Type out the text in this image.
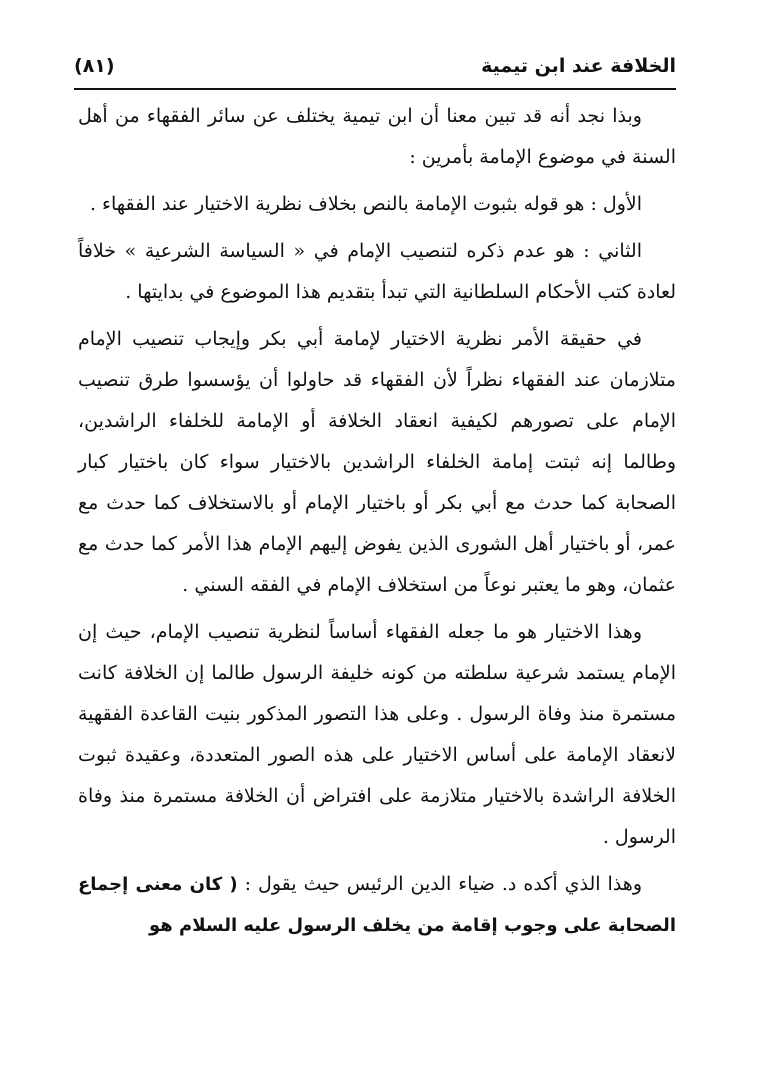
الخلافة عند ابن تيمية
(٨١)

وبذا نجد أنه قد تبين معنا أن ابن تيمية يختلف عن سائر الفقهاء من أهل السنة في موضوع الإمامة بأمرين :

الأول : هو قوله بثبوت الإمامة بالنص بخلاف نظرية الاختيار عند الفقهاء .

الثاني : هو عدم ذكره لتنصيب الإمام في « السياسة الشرعية » خلافاً لعادة كتب الأحكام السلطانية التي تبدأ بتقديم هذا الموضوع في بدايتها .

في حقيقة الأمر نظرية الاختيار لإمامة أبي بكر وإيجاب تنصيب الإمام متلازمان عند الفقهاء نظراً لأن الفقهاء قد حاولوا أن يؤسسوا طرق تنصيب الإمام على تصورهم لكيفية انعقاد الخلافة أو الإمامة للخلفاء الراشدين، وطالما إنه ثبتت إمامة الخلفاء الراشدين بالاختيار سواء كان باختيار كبار الصحابة كما حدث مع أبي بكر أو باختيار الإمام أو بالاستخلاف كما حدث مع عمر، أو باختيار أهل الشورى الذين يفوض إليهم الإمام هذا الأمر كما حدث مع عثمان، وهو ما يعتبر نوعاً من استخلاف الإمام في الفقه السني .

وهذا الاختيار هو ما جعله الفقهاء أساساً لنظرية تنصيب الإمام، حيث إن الإمام يستمد شرعية سلطته من كونه خليفة الرسول طالما إن الخلافة كانت مستمرة منذ وفاة الرسول . وعلى هذا التصور المذكور بنيت القاعدة الفقهية لانعقاد الإمامة على أساس الاختيار على هذه الصور المتعددة، وعقيدة ثبوت الخلافة الراشدة بالاختيار متلازمة على افتراض أن الخلافة مستمرة منذ وفاة الرسول .

وهذا الذي أكده د. ضياء الدين الرئيس حيث يقول : ( كان معنى إجماع الصحابة على وجوب إقامة من يخلف الرسول عليه السلام هو
